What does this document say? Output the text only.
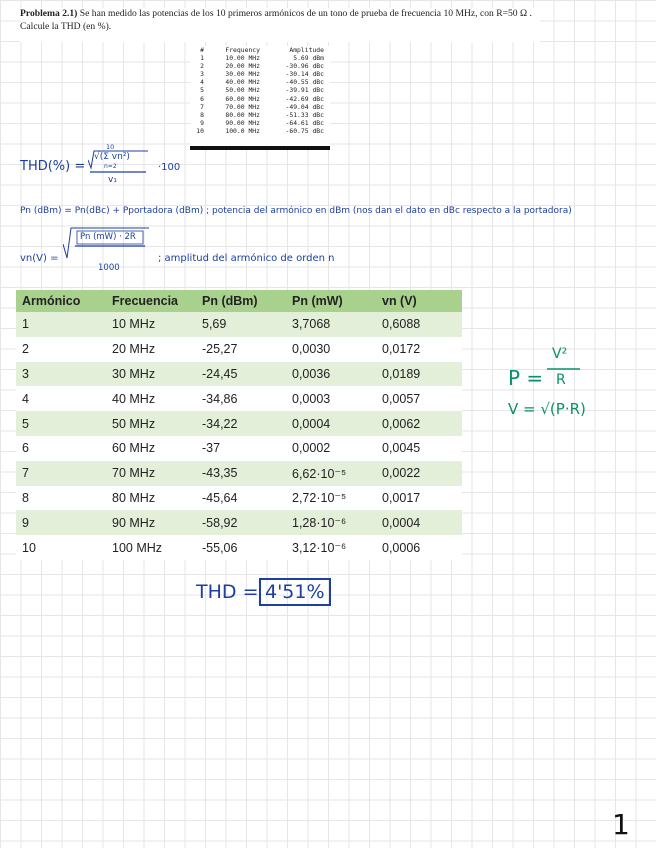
Problema 2.1) Se han medido las potencias de los 10 primeros armónicos de un tono de prueba de frecuencia 10 MHz, con R=50 Ω . Calcule la THD (en %).
#	Frequency	Amplitude
1	10.00 MHz	5.69 dBm
2	20.00 MHz	-30.96 dBc
3	30.00 MHz	-30.14 dBc
4	40.00 MHz	-40.55 dBc
5	50.00 MHz	-39.91 dBc
6	60.00 MHz	-42.69 dBc
7	70.00 MHz	-49.04 dBc
8	80.00 MHz	-51.33 dBc
9	90.00 MHz	-64.61 dBc
10	100.0 MHz	-60.75 dBc
THD(%) =
√(Σ vn²)
10
n=2
v₁
·100
Pn (dBm) = Pn(dBc) + Pportadora (dBm) ; potencia del armónico en dBm (nos dan el dato en dBc respecto a la portadora)
vn(V) =
Pn (mW) · 2R
1000
; amplitud del armónico de orden n
Armónico	Frecuencia	Pn (dBm)	Pn (mW)	vn (V)
1	10 MHz	5,69	3,7068	0,6088
2	20 MHz	-25,27	0,0030	0,0172
3	30 MHz	-24,45	0,0036	0,0189
4	40 MHz	-34,86	0,0003	0,0057
5	50 MHz	-34,22	0,0004	0,0062
6	60 MHz	-37	0,0002	0,0045
7	70 MHz	-43,35	6,62·10⁻⁵	0,0022
8	80 MHz	-45,64	2,72·10⁻⁵	0,0017
9	90 MHz	-58,92	1,28·10⁻⁶	0,0004
10	100 MHz	-55,06	3,12·10⁻⁶	0,0006
P =
V²
R
V = √(P·R)
THD = 4'51%
1
